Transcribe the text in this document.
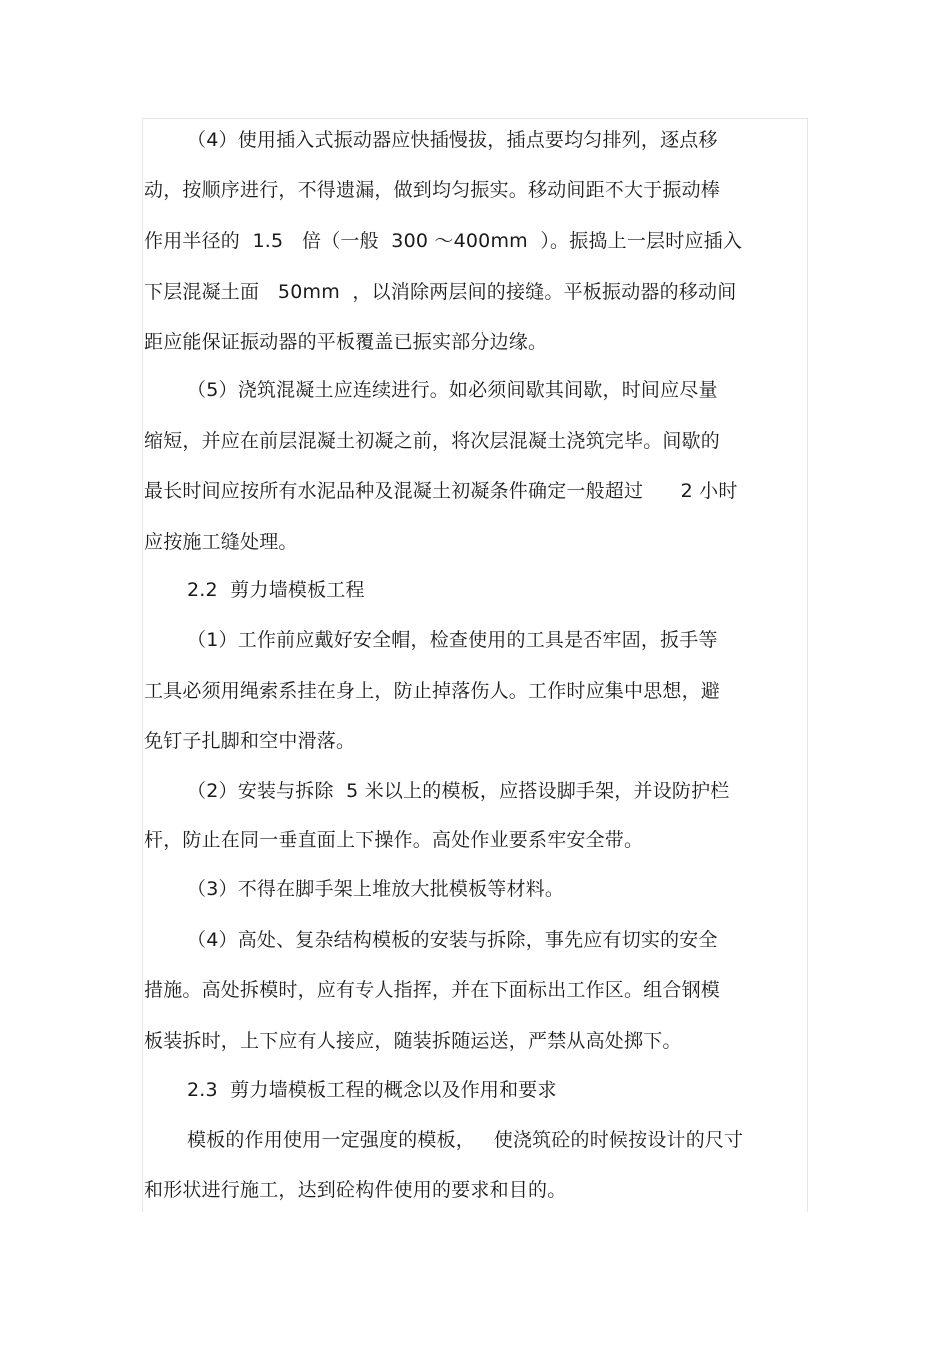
（4）使用插入式振动器应快插慢拔，插点要均匀排列，逐点移
动，按顺序进行，不得遗漏，做到均匀振实。移动间距不大于振动棒
作用半径的  1.5   倍（一般  300 ～400mm  ）。振捣上一层时应插入
下层混凝土面   50mm  ，以消除两层间的接缝。平板振动器的移动间
距应能保证振动器的平板覆盖已振实部分边缘。
（5）浇筑混凝土应连续进行。如必须间歇其间歇，时间应尽量
缩短，并应在前层混凝土初凝之前，将次层混凝土浇筑完毕。间歇的
最长时间应按所有水泥品种及混凝土初凝条件确定一般超过      2 小时
应按施工缝处理。
2.2  剪力墙模板工程
（1）工作前应戴好安全帽，检查使用的工具是否牢固，扳手等
工具必须用绳索系挂在身上，防止掉落伤人。工作时应集中思想，避
免钉子扎脚和空中滑落。
（2）安装与拆除  5 米以上的模板，应搭设脚手架，并设防护栏
杆，防止在同一垂直面上下操作。高处作业要系牢安全带。
（3）不得在脚手架上堆放大批模板等材料。
（4）高处、复杂结构模板的安装与拆除，事先应有切实的安全
措施。高处拆模时，应有专人指挥，并在下面标出工作区。组合钢模
板装拆时，上下应有人接应，随装拆随运送，严禁从高处掷下。
2.3  剪力墙模板工程的概念以及作用和要求
模板的作用使用一定强度的模板，   使浇筑砼的时候按设计的尺寸
和形状进行施工，达到砼构件使用的要求和目的。
